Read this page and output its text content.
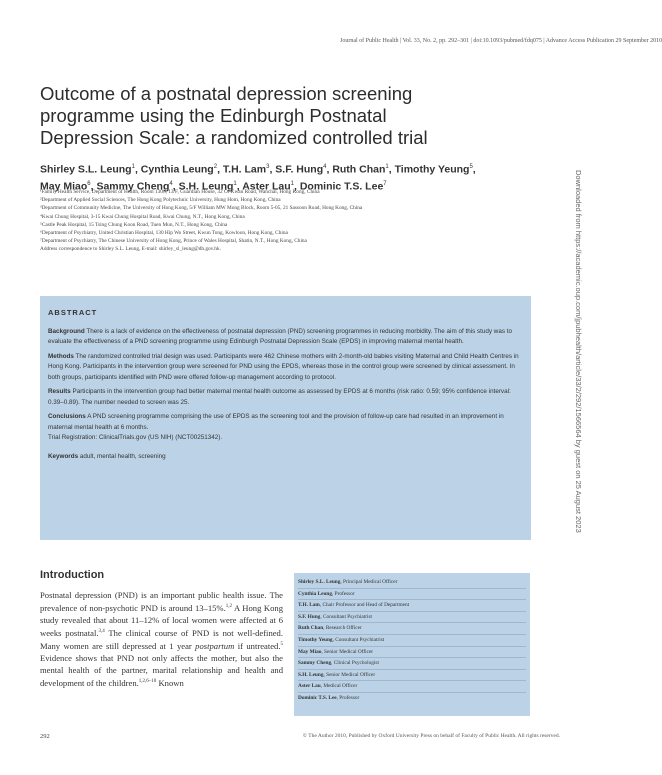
Journal of Public Health | Vol. 33, No. 2, pp. 292–301 | doi:10.1093/pubmed/fdq075 | Advance Access Publication 29 September 2010
Outcome of a postnatal depression screening programme using the Edinburgh Postnatal Depression Scale: a randomized controlled trial
Shirley S.L. Leung$^1$, Cynthia Leung$^2$, T.H. Lam$^3$, S.F. Hung$^4$, Ruth Chan$^1$, Timothy Yeung$^5$,
May Miao$^6$, Sammy Cheng$^4$, S.H. Leung$^1$, Aster Lau$^1$, Dominic T.S. Lee$^7$
¹Family Health Service, Department of Health, Room 1308, 13/F, Guardian House, 32 Oi Kwan Road, Wanchai, Hong Kong, China
²Department of Applied Social Sciences, The Hong Kong Polytechnic University, Hung Hom, Hong Kong, China
³Department of Community Medicine, The University of Hong Kong, 5/F William MW Mong Block, Room 5-05, 21 Sassoon Road, Hong Kong, China
⁴Kwai Chung Hospital, 3-15 Kwai Chung Hospital Road, Kwai Chung, N.T., Hong Kong, China
⁵Castle Peak Hospital, 15 Tsing Chung Koon Road, Tuen Mun, N.T., Hong Kong, China
⁶Department of Psychiatry, United Christian Hospital, 130 Hip Wo Street, Kwun Tong, Kowloon, Hong Kong, China
⁷Department of Psychiatry, The Chinese University of Hong Kong, Prince of Wales Hospital, Shatin, N.T., Hong Kong, China
Address correspondence to Shirley S.L. Leung, E-mail: shirley_sl_leung@dh.gov.hk.	Downloaded from https://academic.oup.com/jpubhealth/article/33/2/292/1566564 by guest on 25 August 2023
ABSTRACT

Background There is a lack of evidence on the effectiveness of postnatal depression (PND) screening programmes in reducing morbidity. The aim of this study was to evaluate the effectiveness of a PND screening programme using Edinburgh Postnatal Depression Scale (EPDS) in improving maternal mental health.

Methods The randomized controlled trial design was used. Participants were 462 Chinese mothers with 2-month-old babies visiting Maternal and Child Health Centres in Hong Kong. Participants in the intervention group were screened for PND using the EPDS, whereas those in the control group were screened by clinical assessment. In both groups, participants identified with PND were offered follow-up management according to protocol.

Results Participants in the intervention group had better maternal mental health outcome as assessed by EPDS at 6 months (risk ratio: 0.59; 95% confidence interval: 0.39–0.89). The number needed to screen was 25.

Conclusions A PND screening programme comprising the use of EPDS as the screening tool and the provision of follow-up care had resulted in an improvement in maternal mental health at 6 months.

Trial Registration: ClinicalTrials.gov (US NIH) (NCT00251342).

Keywords adult, mental health, screening

Introduction
Postnatal depression (PND) is an important public health issue. The prevalence of non-psychotic PND is around 13–15%.$^{1,2}$ A Hong Kong study revealed that about 11–12% of local women were affected at 6 weeks postnatal.$^{3,4}$ The clinical course of PND is not well-defined. Many women are still depressed at 1 year postpartum if untreated.$^5$ Evidence shows that PND not only affects the mother, but also the mental health of the partner, marital relationship and health and development of the children.$^{1,2,6-10}$ Known
Shirley S.L. Leung, Principal Medical Officer
Cynthia Leung, Professor
T.H. Lam, Chair Professor and Head of Department
S.F. Hung, Consultant Psychiatrist
Ruth Chan, Research Officer
Timothy Yeung, Consultant Psychiatrist
May Miao, Senior Medical Officer
Sammy Cheng, Clinical Psychologist
S.H. Leung, Senior Medical Officer
Aster Lau, Medical Officer
Dominic T.S. Lee, Professor
292	© The Author 2010, Published by Oxford University Press on behalf of Faculty of Public Health. All rights reserved.
